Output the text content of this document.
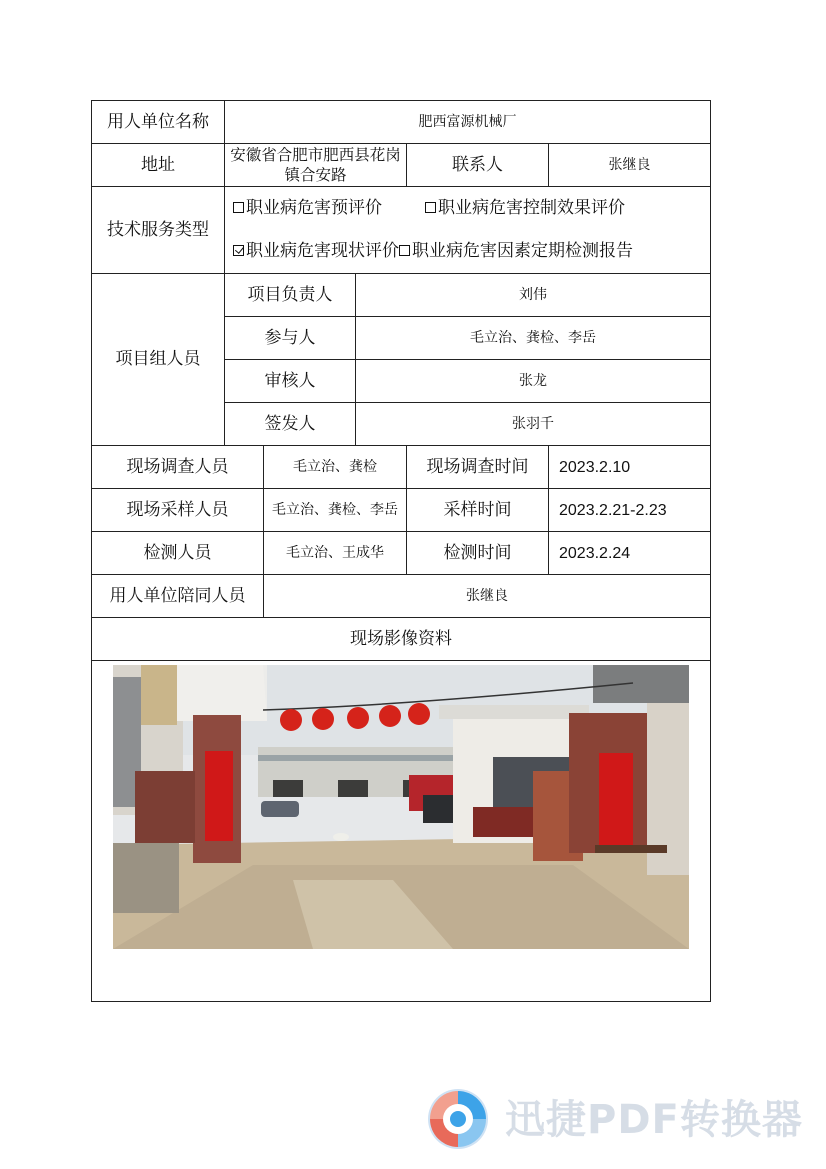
用人单位名称	肥西富源机械厂				
地址	安徽省合肥市肥西县花岗镇合安路			联系人	张继良
技术服务类型	职业病危害预评价 职业病危害控制效果评价
职业病危害现状评价 职业病危害因素定期检测报告				

项目组人员	项目负责人		刘伟		
	参与人		毛立治、龚检、李岳		
	审核人		张龙		
	签发人		张羽千		
现场调查人员		毛立治、龚检		现场调查时间	2023.2.10
现场采样人员		毛立治、龚检、李岳		采样时间	2023.2.21-2.23
检测人员		毛立治、王成华		检测时间	2023.2.24
用人单位陪同人员		张继良			
现场影像资料					

迅捷PDF转换器
